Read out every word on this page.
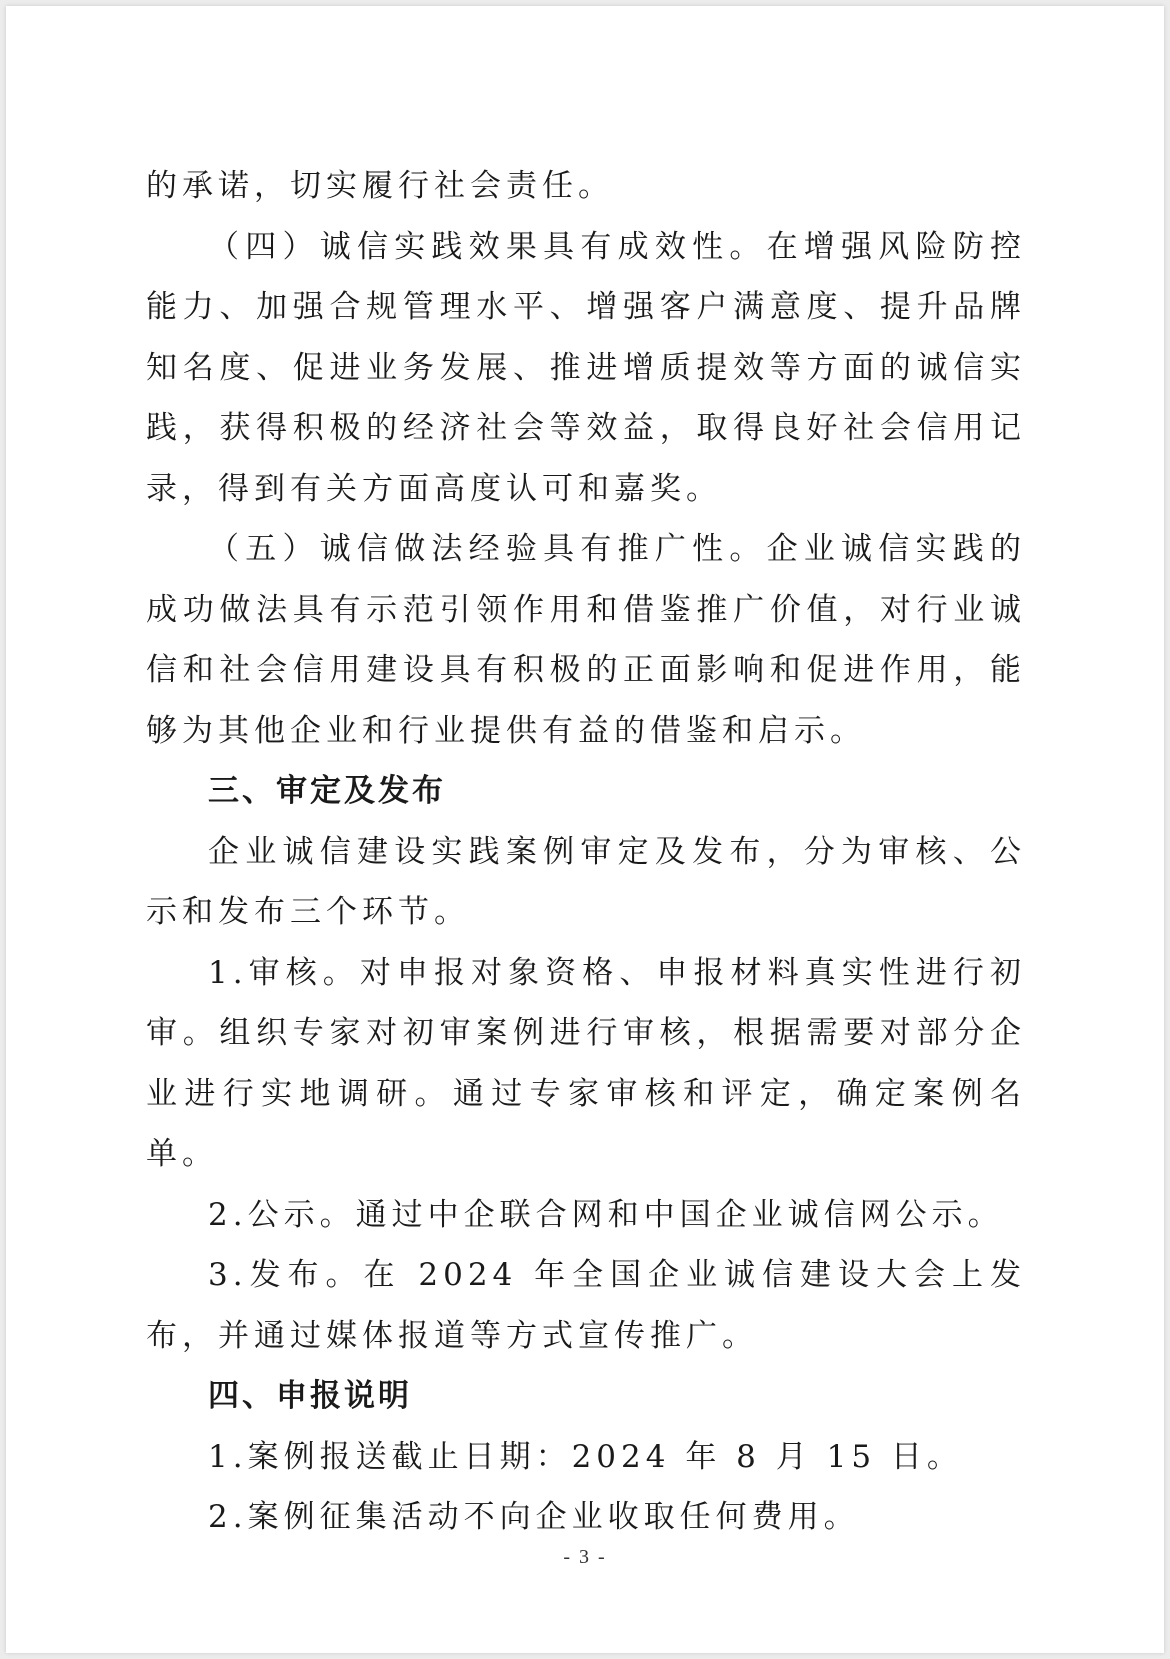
的承诺，切实履行社会责任。

（四）诚信实践效果具有成效性。在增强风险防控能力、加强合规管理水平、增强客户满意度、提升品牌知名度、促进业务发展、推进增质提效等方面的诚信实践，获得积极的经济社会等效益，取得良好社会信用记录，得到有关方面高度认可和嘉奖。

（五）诚信做法经验具有推广性。企业诚信实践的成功做法具有示范引领作用和借鉴推广价值，对行业诚信和社会信用建设具有积极的正面影响和促进作用，能够为其他企业和行业提供有益的借鉴和启示。

三、审定及发布

企业诚信建设实践案例审定及发布，分为审核、公示和发布三个环节。

1.审核。对申报对象资格、申报材料真实性进行初审。组织专家对初审案例进行审核，根据需要对部分企业进行实地调研。通过专家审核和评定，确定案例名单。

2.公示。通过中企联合网和中国企业诚信网公示。

3.发布。在 2024 年全国企业诚信建设大会上发布，并通过媒体报道等方式宣传推广。

四、申报说明

1.案例报送截止日期：2024 年 8 月 15 日。

2.案例征集活动不向企业收取任何费用。

- 3 -
